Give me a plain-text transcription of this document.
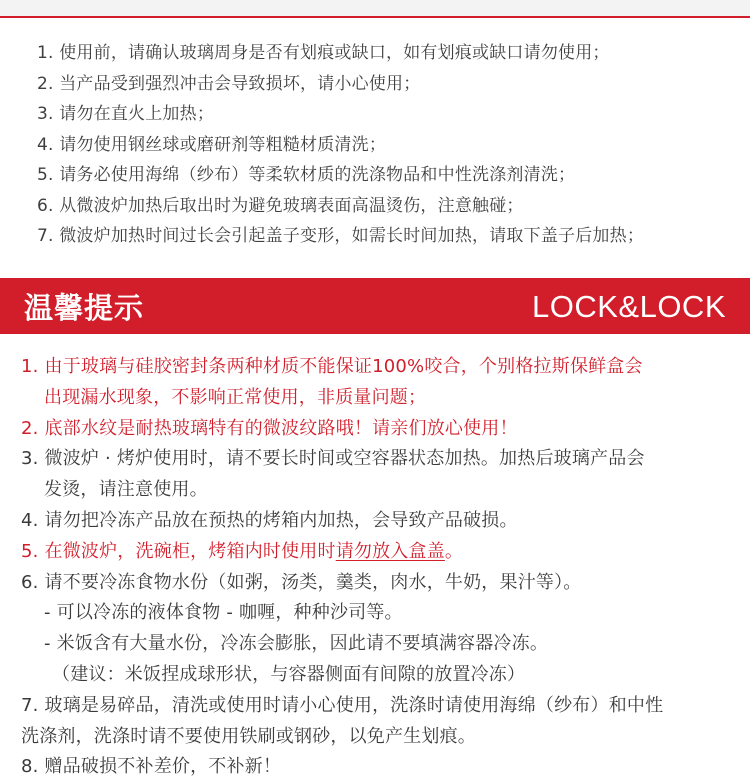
1. 使用前，请确认玻璃周身是否有划痕或缺口，如有划痕或缺口请勿使用；
2. 当产品受到强烈冲击会导致损坏，请小心使用；
3. 请勿在直火上加热；
4. 请勿使用钢丝球或磨研剂等粗糙材质清洗；
5. 请务必使用海绵（纱布）等柔软材质的洗涤物品和中性洗涤剂清洗；
6. 从微波炉加热后取出时为避免玻璃表面高温烫伤，注意触碰；
7. 微波炉加热时间过长会引起盖子变形，如需长时间加热，请取下盖子后加热；
温馨提示	LOCK&LOCK
1. 由于玻璃与硅胶密封条两种材质不能保证100%咬合，个别格拉斯保鲜盒会
出现漏水现象，不影响正常使用，非质量问题；
2. 底部水纹是耐热玻璃特有的微波纹路哦！请亲们放心使用！
3. 微波炉 · 烤炉使用时，请不要长时间或空容器状态加热。加热后玻璃产品会
发烫，请注意使用。
4. 请勿把冷冻产品放在预热的烤箱内加热，会导致产品破损。
5. 在微波炉，洗碗柜，烤箱内时使用时请勿放入盒盖。
6. 请不要冷冻食物水份（如粥，汤类，羹类，肉水，牛奶，果汁等）。
- 可以冷冻的液体食物 - 咖喱，种种沙司等。
- 米饭含有大量水份，冷冻会膨胀，因此请不要填满容器冷冻。
（建议：米饭捏成球形状，与容器侧面有间隙的放置冷冻）
7. 玻璃是易碎品，清洗或使用时请小心使用，洗涤时请使用海绵（纱布）和中性
洗涤剂，洗涤时请不要使用铁刷或钢砂，以免产生划痕。
8. 赠品破损不补差价，不补新！
